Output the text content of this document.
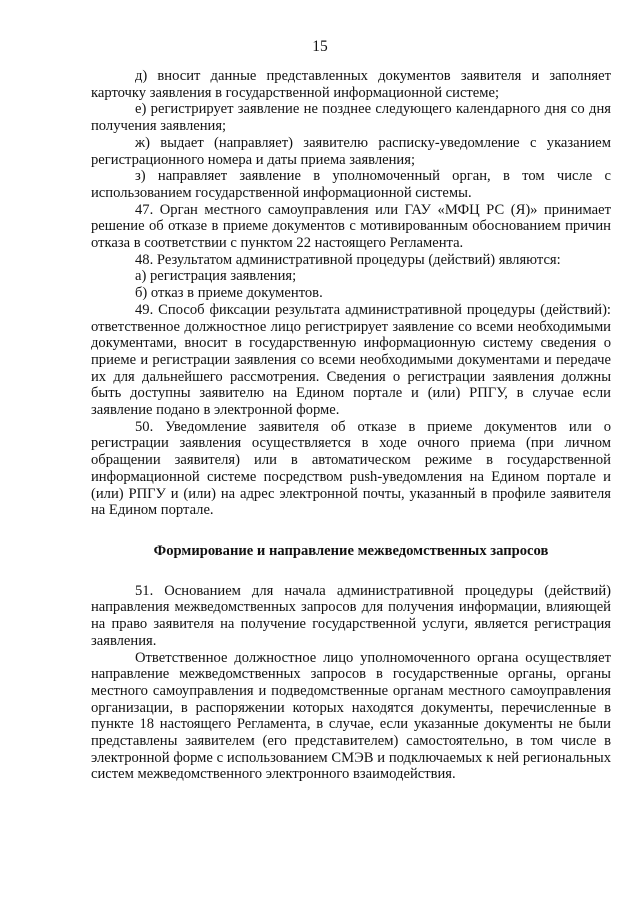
15

д) вносит данные представленных документов заявителя и заполняет карточку заявления в государственной информационной системе;

е) регистрирует заявление не позднее следующего календарного дня со дня получения заявления;

ж) выдает (направляет) заявителю расписку-уведомление с указанием регистрационного номера и даты приема заявления;

з) направляет заявление в уполномоченный орган, в том числе с использованием государственной информационной системы.

47. Орган местного самоуправления или ГАУ «МФЦ РС (Я)» принимает решение об отказе в приеме документов с мотивированным обоснованием причин отказа в соответствии с пунктом 22 настоящего Регламента.

48. Результатом административной процедуры (действий) являются:

а) регистрация заявления;

б) отказ в приеме документов.

49. Способ фиксации результата административной процедуры (действий): ответственное должностное лицо регистрирует заявление со всеми необходимыми документами, вносит в государственную информационную систему сведения о приеме и регистрации заявления со всеми необходимыми документами и передаче их для дальнейшего рассмотрения. Сведения о регистрации заявления должны быть доступны заявителю на Едином портале и (или) РПГУ, в случае если заявление подано в электронной форме.

50. Уведомление заявителя об отказе в приеме документов или о регистрации заявления осуществляется в ходе очного приема (при личном обращении заявителя) или в автоматическом режиме в государственной информационной системе посредством push-уведомления на Едином портале и (или) РПГУ и (или) на адрес электронной почты, указанный в профиле заявителя на Едином портале.

Формирование и направление межведомственных запросов

51. Основанием для начала административной процедуры (действий) направления межведомственных запросов для получения информации, влияющей на право заявителя на получение государственной услуги, является регистрация заявления.

Ответственное должностное лицо уполномоченного органа осуществляет направление межведомственных запросов в государственные органы, органы местного самоуправления и подведомственные органам местного самоуправления организации, в распоряжении которых находятся документы, перечисленные в пункте 18 настоящего Регламента, в случае, если указанные документы не были представлены заявителем (его представителем) самостоятельно, в том числе в электронной форме с использованием СМЭВ и подключаемых к ней региональных систем межведомственного электронного взаимодействия.
